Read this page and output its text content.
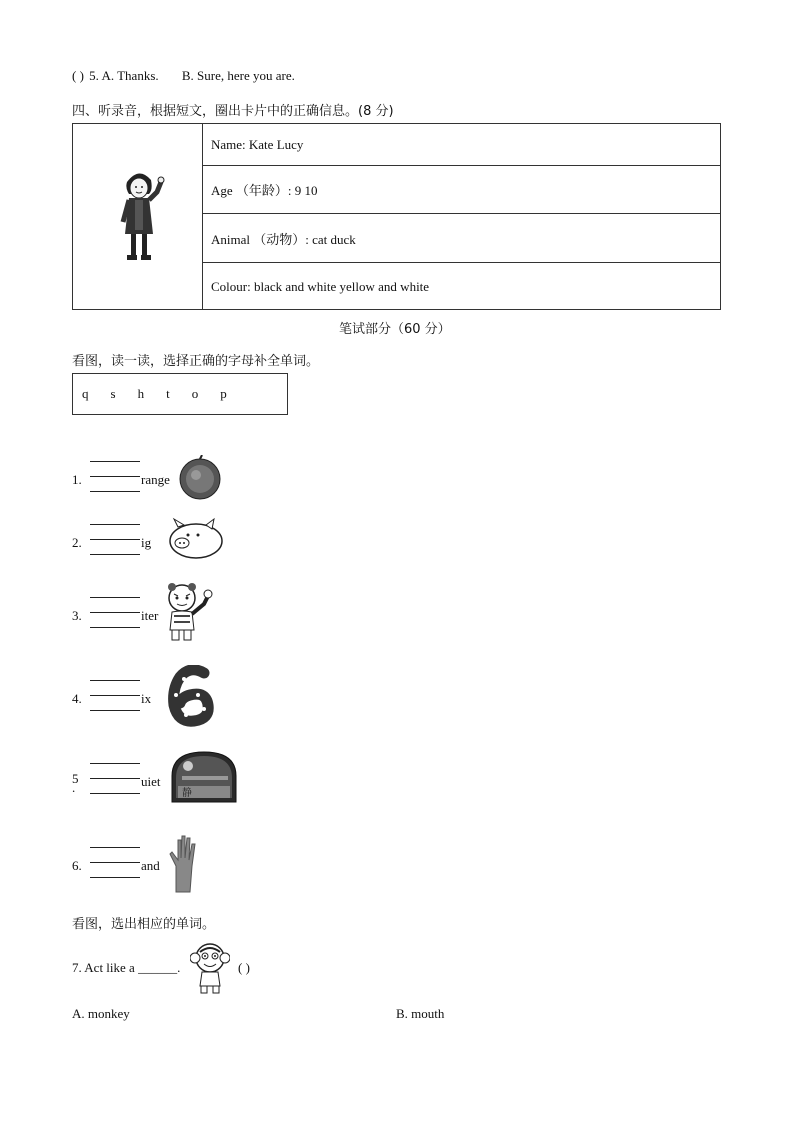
( ) 5. A. Thanks. B. Sure, here you are.
四、听录音，根据短文，圈出卡片中的正确信息。(8 分)
Name: Kate Lucy
Age （年龄）: 9 10
Animal （动物）: cat duck
Colour: black and white yellow and white
笔试部分（60 分）
看图，读一读，选择正确的字母补全单词。
q s h t o p
1.	range
2.	ig
3.	iter
4.	ix
5
.	uiet
静
6.	and
看图，选出相应的单词。
7. Act like a ______.	( )
A. monkey	B. mouth
